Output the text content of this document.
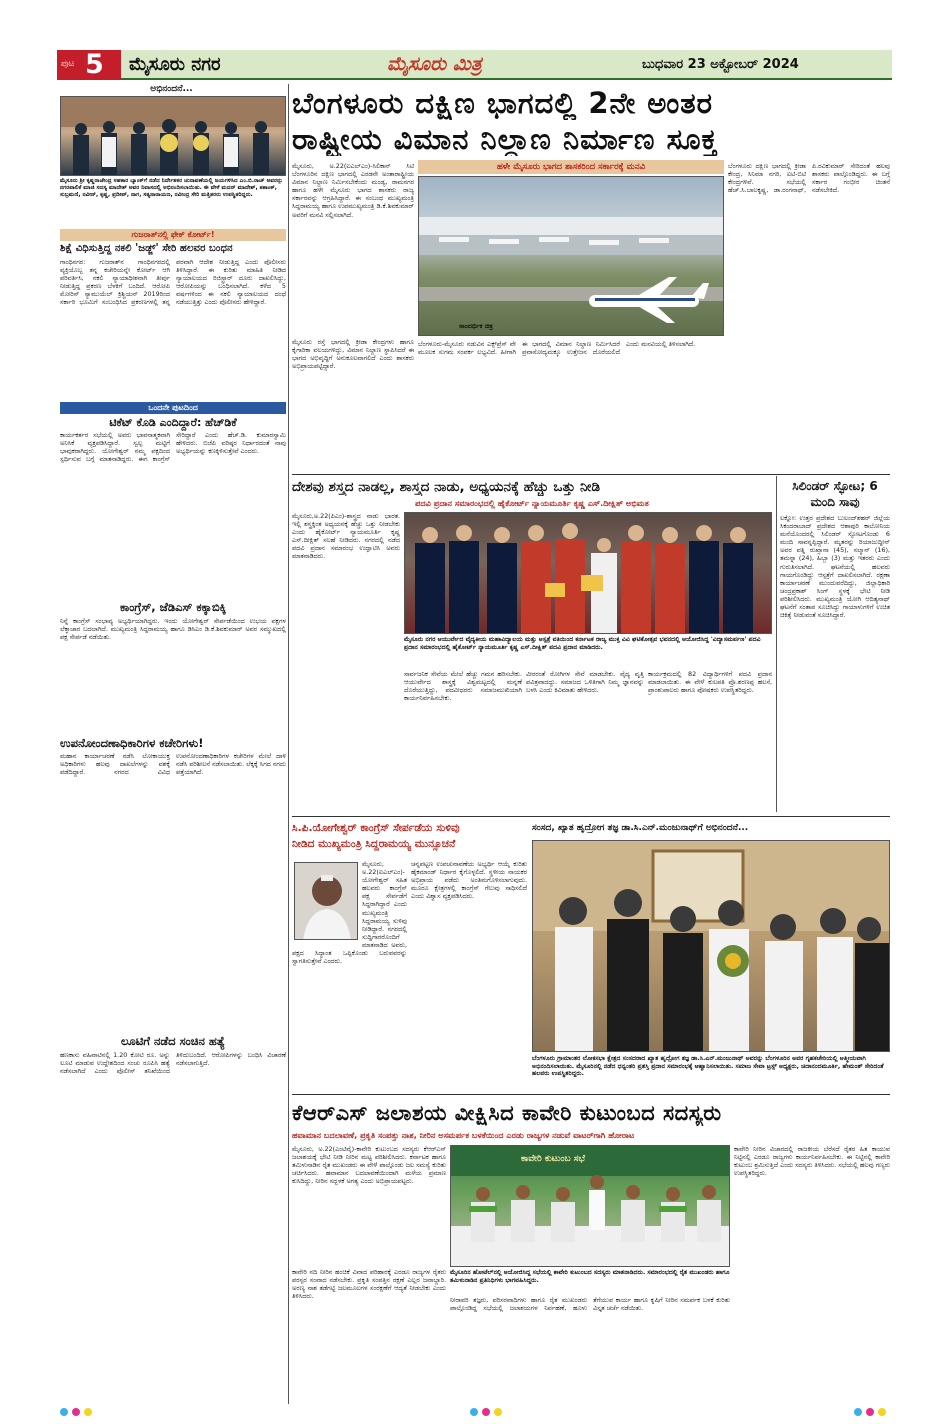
ಪುಟ 5 ಮೈಸೂರು ನಗರ	ಮೈಸೂರು ಮಿತ್ರ	ಬುಧವಾರ 23 ಅಕ್ಟೋಬರ್ 2024
ಅಭಿನಂದನೆ...
ಮೈಸೂರು ಶ್ರೀ ಕೃಷ್ಣರಾಜೇಂದ್ರ ಸಹಕಾರ ಬ್ಯಾಂಕ್‌ಗೆ ನಡೆದ ನಿರ್ದೇಶಕರ ಚುನಾವಣೆಯಲ್ಲಿ ಜಯಗಳಿಸಿದ ಎಂ.ಬಿ.ರಾಜ್ ಅವರನ್ನು ನಗರಪಾಲಿಕೆ ಮಾಜಿ ಸದಸ್ಯ ಮಾದೇಶ್ ಅವರ ನಿವಾಸದಲ್ಲಿ ಅಭಿನಂದಿಸಲಾಯಿತು. ಈ ವೇಳೆ ಮದನ್ ಮಾದೇಶ್, ಶಶಾಂಕ್, ಸುಬ್ರಮಣಿ, ನವೀನ್, ಕೃಷ್ಣ, ಪ್ರದೀಪ್, ನಾಗ, ಸತ್ಯನಾರಾಯಣ, ರವೀಂದ್ರ ಸೇರಿ ಮತ್ತಿತರರು ಉಪಸ್ಥಿತರಿದ್ದರು.
ಗುಜರಾತ್‌ನಲ್ಲಿ ಫೇಕ್ ಕೋರ್ಟ್!
ಶಿಕ್ಷೆ ವಿಧಿಸುತ್ತಿದ್ದ ನಕಲಿ 'ಜಡ್ಜ್' ಸೇರಿ ಹಲವರ ಬಂಧನ
ಗಾಂಧಿನಗರ: ಗುಜರಾತ್‌ನ ಗಾಂಧಿನಗರದಲ್ಲಿ ವ್ಯಕ್ತಿಯೊಬ್ಬ ತನ್ನ ಕಚೇರಿಯನ್ನೇ ಕೋರ್ಟ್ ಆಗಿ ಪರಿವರ್ತಿಸಿ, ನಕಲಿ ನ್ಯಾಯಾಧೀಶನಾಗಿ ತೀರ್ಪು ನೀಡುತ್ತಿದ್ದ ಪ್ರಕರಣ ಬೆಳಕಿಗೆ ಬಂದಿದೆ. ಆರೋಪಿ ಮೋರಿಸ್ ಸ್ಯಾಮುಯೆಲ್ ಕ್ರಿಶ್ಚಿಯನ್ 2019ರಿಂದ ಸರ್ಕಾರಿ ಭೂಮಿಗೆ ಸಂಬಂಧಿಸಿದ ಪ್ರಕರಣಗಳಲ್ಲಿ ತನ್ನ ಪರವಾಗಿ ಆದೇಶ ನೀಡುತ್ತಿದ್ದ ಎಂದು ಪೊಲೀಸರು ತಿಳಿಸಿದ್ದಾರೆ. ಈ ಕುರಿತು ಮಾಹಿತಿ ನೀಡಿದ ನ್ಯಾಯಾಲಯದ ರಿಜಿಸ್ಟ್ರಾರ್ ದೂರು ದಾಖಲಿಸಿದ್ದು, ಆರೋಪಿಯನ್ನು ಬಂಧಿಸಲಾಗಿದೆ. ಕಳೆದ 5 ವರ್ಷಗಳಿಂದ ಈ ನಕಲಿ ನ್ಯಾಯಾಲಯದ ದಂಧೆ ನಡೆಯುತ್ತಿತ್ತು ಎಂದು ಪೊಲೀಸರು ಹೇಳಿದ್ದಾರೆ.
ಒಂದನೇ ಪುಟದಿಂದ
ಟಿಕೆಟ್ ಕೊಡಿ ಎಂದಿದ್ದಾರೆ: ಹೆಚ್‌ಡಿಕೆ
ಕಾರ್ಯಕರ್ತರ ಸಭೆಯಲ್ಲಿ ಅವರು ಭಾವನಾತ್ಮಕವಾಗಿ ಅನಿಸಿಕೆ ವ್ಯಕ್ತಪಡಿಸಿದ್ದಾರೆ. ಸ್ವಲ್ಪ ಮಟ್ಟಿಗೆ ಭಾವುಕರಾಗಿದ್ದರು. ಯೋಗೇಶ್ವರ್ ನಮ್ಮ ಪಕ್ಷದಿಂದ ಸ್ಪರ್ಧಿಸುವ ಬಗ್ಗೆ ಮಾತನಾಡಿದ್ದರು. ಈಗ ಕಾಂಗ್ರೆಸ್ ಸೇರಿದ್ದಾರೆ ಎಂದು ಹೆಚ್.ಡಿ. ಕುಮಾರಸ್ವಾಮಿ ಹೇಳಿದರು. ಬಿಜೆಪಿ ವರಿಷ್ಠರ ನಿರ್ಧಾರದಂತೆ ನಾವು ಅಭ್ಯರ್ಥಿಯನ್ನು ಕಣಕ್ಕಿಳಿಸುತ್ತೇವೆ ಎಂದರು.
ಕಾಂಗ್ರೆಸ್, ಜೆಡಿಎಸ್ ಕಕ್ಕಾಬಿಕ್ಕಿ
ನಿನ್ನೆ ಕಾಂಗ್ರೆಸ್ ಸಂಭಾವ್ಯ ಅಭ್ಯರ್ಥಿಯಾಗಿದ್ದರು. ಇಂದು ಯೋಗೇಶ್ವರ್ ಸೇರ್ಪಡೆಯಿಂದ ಉಭಯ ಪಕ್ಷಗಳ ಲೆಕ್ಕಾಚಾರ ಬದಲಾಗಿದೆ. ಮುಖ್ಯಮಂತ್ರಿ ಸಿದ್ದರಾಮಯ್ಯ ಹಾಗೂ ಡಿಸಿಎಂ ಡಿ.ಕೆ.ಶಿವಕುಮಾರ್ ಅವರ ಸಮ್ಮುಖದಲ್ಲಿ ಪಕ್ಷ ಸೇರ್ಪಡೆ ನಡೆಯಿತು.
ಉಪನೋಂದಣಾಧಿಕಾರಿಗಳ ಕಚೇರಿಗಳು!
ಮಹಾನ ಕಾರ್ಯಾಚರಣೆ ನಡೆಸಿ ಲೋಕಾಯುಕ್ತ ಅಧಿಕಾರಿಗಳು ಹಲವು ದಾಖಲೆಗಳನ್ನು ವಶಕ್ಕೆ ಪಡೆದಿದ್ದಾರೆ. ನಗರದ ವಿವಿಧ ಉಪನೋಂದಣಾಧಿಕಾರಿಗಳ ಕಚೇರಿಗಳ ಮೇಲೆ ದಾಳಿ ನಡೆಸಿ ಪರಿಶೀಲನೆ ನಡೆಸಲಾಯಿತು. ಲೆಕ್ಕಕ್ಕೆ ಸಿಗದ ನಗದು ಪತ್ತೆಯಾಗಿದೆ.
ಲೂಟಿಗೆ ನಡೆದ ಸಂಚಿನ ಹತ್ಯೆ
ಹಣಕಾಸು ವಹಿವಾಟಿನಲ್ಲಿ 1.20 ಕೋಟಿ ರೂ. ಅನ್ನು ಲೂಟಿ ಮಾಡುವ ಉದ್ದೇಶದಿಂದ ಸಂಚು ರೂಪಿಸಿ ಹತ್ಯೆ ನಡೆಸಲಾಗಿದೆ ಎಂದು ಪೊಲೀಸ್ ತನಿಖೆಯಿಂದ ತಿಳಿದುಬಂದಿದೆ. ಆರೋಪಿಗಳನ್ನು ಬಂಧಿಸಿ ವಿಚಾರಣೆ ನಡೆಸಲಾಗುತ್ತಿದೆ.
ಬೆಂಗಳೂರು ದಕ್ಷಿಣ ಭಾಗದಲ್ಲಿ 2ನೇ ಅಂತರ
ರಾಷ್ಟ್ರೀಯ ವಿಮಾನ ನಿಲ್ದಾಣ ನಿರ್ಮಾಣ ಸೂಕ್ತ
ಮೈಸೂರು, ಅ.22(ಐಎಲ್‌ಎಂ)-ಸಿಲಿಕಾನ್ ಸಿಟಿ ಬೆಂಗಳೂರಿನ ದಕ್ಷಿಣ ಭಾಗದಲ್ಲಿ ಎರಡನೇ ಅಂತಾರಾಷ್ಟ್ರೀಯ ವಿಮಾನ ನಿಲ್ದಾಣ ನಿರ್ಮಿಸಬೇಕೆಂದು ಮಂಡ್ಯ, ರಾಮನಗರ ಹಾಗೂ ಹಳೇ ಮೈಸೂರು ಭಾಗದ ಶಾಸಕರು ರಾಜ್ಯ ಸರ್ಕಾರವನ್ನು ಆಗ್ರಹಿಸಿದ್ದಾರೆ. ಈ ಸಂಬಂಧ ಮುಖ್ಯಮಂತ್ರಿ ಸಿದ್ದರಾಮಯ್ಯ ಹಾಗೂ ಉಪಮುಖ್ಯಮಂತ್ರಿ ಡಿ.ಕೆ.ಶಿವಕುಮಾರ್ ಅವರಿಗೆ ಮನವಿ ಸಲ್ಲಿಸಲಾಗಿದೆ.
ಹಳೇ ಮೈಸೂರು ಭಾಗದ ಶಾಸಕರಿಂದ ಸರ್ಕಾರಕ್ಕೆ ಮನವಿ
ಸಾಂದರ್ಭಿಕ ಚಿತ್ರ
ಮೈಸೂರು ರಸ್ತೆ ಭಾಗದಲ್ಲಿ ಕ್ರೀಡಾ ಕೇಂದ್ರಗಳು ಹಾಗೂ ಕೈಗಾರಿಕಾ ವಲಯಗಳಿದ್ದು, ವಿಮಾನ ನಿಲ್ದಾಣ ಸ್ಥಾಪಿಸಿದರೆ ಈ ಭಾಗದ ಅಭಿವೃದ್ಧಿಗೆ ಅನುಕೂಲವಾಗಲಿದೆ ಎಂದು ಶಾಸಕರು ಅಭಿಪ್ರಾಯಪಟ್ಟಿದ್ದಾರೆ.
ಬೆಂಗಳೂರು-ಮೈಸೂರು ನಡುವಿನ ಎಕ್ಸ್‌ಪ್ರೆಸ್ ವೇ ಮೂಲಕ ಸುಗಮ ಸಂಪರ್ಕ ಲಭ್ಯವಿದೆ. ಹೀಗಾಗಿ ಈ ಭಾಗದಲ್ಲಿ ವಿಮಾನ ನಿಲ್ದಾಣ ನಿರ್ಮಿಸಿದರೆ ಪ್ರವಾಸೋದ್ಯಮಕ್ಕೂ ಉತ್ತೇಜನ ದೊರೆಯಲಿದೆ ಎಂದು ಮನವಿಯಲ್ಲಿ ತಿಳಿಸಲಾಗಿದೆ.
ಬೆಂಗಳೂರು ದಕ್ಷಿಣ ಭಾಗದಲ್ಲಿ ಕ್ರೀಡಾ ಕೇಂದ್ರ, ಸಿನಿಮಾ ನಗರಿ, ಐಟಿ-ಬಿಟಿ ಕೇಂದ್ರಗಳಿವೆ. ಸಭೆಯಲ್ಲಿ ಹೆಚ್.ಸಿ.ಬಾಲಕೃಷ್ಣ, ಡಾ.ರಂಗನಾಥ್, ಪಿ.ರವಿಕುಮಾರ್ ಸೇರಿದಂತೆ ಹಲವು ಶಾಸಕರು ಪಾಲ್ಗೊಂಡಿದ್ದರು. ಈ ಬಗ್ಗೆ ಸರ್ಕಾರ ಗಂಭೀರ ಚಿಂತನೆ ನಡೆಸಬೇಕಿದೆ.
ದೇಶವು ಶಸ್ತ್ರದ ನಾಡಲ್ಲ, ಶಾಸ್ತ್ರದ ನಾಡು, ಅಧ್ಯಯನಕ್ಕೆ ಹೆಚ್ಚು ಒತ್ತು ನೀಡಿ
ಪದವಿ ಪ್ರದಾನ ಸಮಾರಂಭದಲ್ಲಿ ಹೈಕೋರ್ಟ್ ನ್ಯಾಯಮೂರ್ತಿ ಕೃಷ್ಣ ಎಸ್.ದೀಕ್ಷಿತ್ ಅಭಿಮತ
ಮೈಸೂರು,ಅ.22(ಪಿಎಂ)-ಶಾಸ್ತ್ರದ ನಾಡು ಭಾರತ. ಇಲ್ಲಿ ಶಸ್ತ್ರಕ್ಕಿಂತ ಅಧ್ಯಯನಕ್ಕೆ ಹೆಚ್ಚು ಒತ್ತು ನೀಡಬೇಕು ಎಂದು ಹೈಕೋರ್ಟ್ ನ್ಯಾಯಮೂರ್ತಿ ಕೃಷ್ಣ ಎಸ್.ದೀಕ್ಷಿತ್ ಸಲಹೆ ನೀಡಿದರು. ನಗರದಲ್ಲಿ ನಡೆದ ಪದವಿ ಪ್ರದಾನ ಸಮಾರಂಭ ಉದ್ಘಾಟಿಸಿ ಅವರು ಮಾತನಾಡಿದರು.
ಮೈಸೂರು ನಗರ ಆಯುರ್ವೇದ ವೈದ್ಯಕೀಯ ಮಹಾವಿದ್ಯಾಲಯ ಮತ್ತು ಆಸ್ಪತ್ರೆ ವತಿಯಿಂದ ಕರ್ನಾಟಕ ರಾಜ್ಯ ಮುಕ್ತ ವಿವಿ ಘಟಿಕೋತ್ಸವ ಭವನದಲ್ಲಿ ಆಯೋಜಿಸಿದ್ದ 'ವಿದ್ಯಾಸಮರ್ಪಣ' ಪದವಿ ಪ್ರದಾನ ಸಮಾರಂಭದಲ್ಲಿ ಹೈಕೋರ್ಟ್ ನ್ಯಾಯಮೂರ್ತಿ ಕೃಷ್ಣ ಎಸ್.ದೀಕ್ಷಿತ್ ಪದವಿ ಪ್ರದಾನ ಮಾಡಿದರು.
ಸಾರ್ವಜನಿಕ ಸೇವೆಯ ಮೇಲೆ ಹೆಚ್ಚು ಗಮನ ಹರಿಸಬೇಕು. ಆಯುರ್ವೇದ ಶಾಸ್ತ್ರಕ್ಕೆ ವಿಶ್ವಮಟ್ಟದಲ್ಲಿ ಮನ್ನಣೆ ದೊರೆಯುತ್ತಿದ್ದು, ಪದವೀಧರರು ಸಮಾಜಮುಖಿಯಾಗಿ ಕಾರ್ಯನಿರ್ವಹಿಸಬೇಕು.
ವೀರರಂತೆ ರೋಗಿಗಳ ಸೇವೆ ಮಾಡಬೇಕು. ವೈದ್ಯ ವೃತ್ತಿ ಪವಿತ್ರವಾದದ್ದು. ಸಮಾಜದ ಒಳಿತಿಗಾಗಿ ನಿಮ್ಮ ಜ್ಞಾನವನ್ನು ಬಳಸಿ ಎಂದು ಕಿವಿಮಾತು ಹೇಳಿದರು.
ಕಾರ್ಯಕ್ರಮದಲ್ಲಿ 82 ವಿದ್ಯಾರ್ಥಿಗಳಿಗೆ ಪದವಿ ಪ್ರದಾನ ಮಾಡಲಾಯಿತು. ಈ ವೇಳೆ ಕುಲಪತಿ ಪ್ರೊ.ಶರಣಪ್ಪ ಹಲಸೆ, ಪ್ರಾಂಶುಪಾಲರು ಹಾಗೂ ಪೋಷಕರು ಉಪಸ್ಥಿತರಿದ್ದರು.
ಸಿಲಿಂಡರ್ ಸ್ಫೋಟ; 6 ಮಂದಿ ಸಾವು
ಲಕ್ನೋ: ಉತ್ತರ ಪ್ರದೇಶದ ಬುಲಂದ್‌ಶಹರ್ ಜಿಲ್ಲೆಯ ಸಿಕಂದರಾಬಾದ್ ಪ್ರದೇಶದ ಆಶಾಪುರಿ ಕಾಲೋನಿಯ ಮನೆಯೊಂದರಲ್ಲಿ ಸಿಲಿಂಡರ್ ಸ್ಫೋಟಗೊಂಡು 6 ಮಂದಿ ಸಾವನ್ನಪ್ಪಿದ್ದಾರೆ. ಮೃತರನ್ನು ರಿಯಾಜುದ್ದೀನ್ ಅವರ ಪತ್ನಿ ರುಖ್ಸಾನಾ (45), ಸಲ್ಮಾನ್ (16), ತಮನ್ನಾ (24), ಹಿಬ್ಬಾ (3) ಮತ್ತು ಇತರರು ಎಂದು ಗುರುತಿಸಲಾಗಿದೆ. ಘಟನೆಯಲ್ಲಿ ಹಲವರು ಗಾಯಗೊಂಡಿದ್ದು ಆಸ್ಪತ್ರೆಗೆ ದಾಖಲಿಸಲಾಗಿದೆ. ರಕ್ಷಣಾ ಕಾರ್ಯಾಚರಣೆ ಮುಂದುವರೆದಿದ್ದು, ಜಿಲ್ಲಾಧಿಕಾರಿ ಚಂದ್ರಪ್ರಕಾಶ್ ಸಿಂಗ್ ಸ್ಥಳಕ್ಕೆ ಭೇಟಿ ನೀಡಿ ಪರಿಶೀಲಿಸಿದರು. ಮುಖ್ಯಮಂತ್ರಿ ಯೋಗಿ ಆದಿತ್ಯನಾಥ್ ಘಟನೆಗೆ ಸಂತಾಪ ಸೂಚಿಸಿದ್ದು ಗಾಯಾಳುಗಳಿಗೆ ಉಚಿತ ಚಿಕಿತ್ಸೆ ನೀಡುವಂತೆ ಸೂಚಿಸಿದ್ದಾರೆ.
ಸಿ.ಪಿ.ಯೋಗೇಶ್ವರ್ ಕಾಂಗ್ರೆಸ್ ಸೇರ್ಪಡೆಯ ಸುಳಿವು
ನೀಡಿದ ಮುಖ್ಯಮಂತ್ರಿ ಸಿದ್ದರಾಮಯ್ಯ ಮುನ್ಸೂಚನೆ
ಮೈಸೂರು, ಅ.22(ಐಎಲ್‌ಎಂ)-ಯೋಗೇಶ್ವರ್ ಸಹಿತ ಹಲವರು ಕಾಂಗ್ರೆಸ್ ಪಕ್ಷ ಸೇರ್ಪಡೆಗೆ ಸಿದ್ಧರಾಗಿದ್ದಾರೆ ಎಂದು ಮುಖ್ಯಮಂತ್ರಿ ಸಿದ್ದರಾಮಯ್ಯ ಸುಳಿವು ನೀಡಿದ್ದಾರೆ. ನಗರದಲ್ಲಿ ಸುದ್ದಿಗಾರರೊಂದಿಗೆ ಮಾತನಾಡಿದ ಅವರು, ಪಕ್ಷದ ಸಿದ್ಧಾಂತ ಒಪ್ಪಿಕೊಂಡು ಬರುವವರನ್ನು ಸ್ವಾಗತಿಸುತ್ತೇವೆ ಎಂದರು.
ಚನ್ನಪಟ್ಟಣ ಉಪಚುನಾವಣೆಯ ಅಭ್ಯರ್ಥಿ ಆಯ್ಕೆ ಕುರಿತು ಹೈಕಮಾಂಡ್ ನಿರ್ಧಾರ ಕೈಗೊಳ್ಳಲಿದೆ. ಸ್ಥಳೀಯ ನಾಯಕರ ಅಭಿಪ್ರಾಯ ಪಡೆದು ಅಂತಿಮಗೊಳಿಸಲಾಗುವುದು. ಮೂರೂ ಕ್ಷೇತ್ರಗಳಲ್ಲಿ ಕಾಂಗ್ರೆಸ್ ಗೆಲುವು ಸಾಧಿಸಲಿದೆ ಎಂದು ವಿಶ್ವಾಸ ವ್ಯಕ್ತಪಡಿಸಿದರು.
ಸಂಸದ, ಖ್ಯಾತ ಹೃದ್ರೋಗ ತಜ್ಞ ಡಾ.ಸಿ.ಎನ್.ಮಂಜುನಾಥ್‌ಗೆ ಅಭಿನಂದನೆ...
ಬೆಂಗಳೂರು ಗ್ರಾಮಾಂತರ ಲೋಕಸಭಾ ಕ್ಷೇತ್ರದ ಸಂಸದರಾದ ಖ್ಯಾತ ಹೃದ್ರೋಗ ತಜ್ಞ ಡಾ.ಸಿ.ಎನ್.ಮಂಜುನಾಥ್ ಅವರನ್ನು ಬೆಂಗಳೂರಿನ ಅವರ ಗೃಹಕಚೇರಿಯಲ್ಲಿ ಆತ್ಮೀಯವಾಗಿ ಅಭಿನಂದಿಸಲಾಯಿತು. ಮೈಸೂರಿನಲ್ಲಿ ನಡೆದ ಧನ್ವಂತರಿ ಪ್ರಶಸ್ತಿ ಪ್ರದಾನ ಸಮಾರಂಭಕ್ಕೆ ಆಹ್ವಾನಿಸಲಾಯಿತು. ಸಮಾಜ ಸೇವಾ ಟ್ರಸ್ಟ್ ಅಧ್ಯಕ್ಷರು, ಚಿದಾನಂದಮೂರ್ತಿ, ಹೇಮಂತ್ ಸೇರಿದಂತೆ ಹಲವರು ಉಪಸ್ಥಿತರಿದ್ದರು.
ಕೆಆರ್‌ಎಸ್ ಜಲಾಶಯ ವೀಕ್ಷಿಸಿದ ಕಾವೇರಿ ಕುಟುಂಬದ ಸದಸ್ಯರು
ಹವಾಮಾನ ಬದಲಾವಣೆ, ಪ್ರಕೃತಿ ಸಂಪತ್ತು ನಾಶ, ನೀರಿನ ಅಸಮರ್ಪಕ ಬಳಕೆಯಿಂದ ಎರಡು ರಾಜ್ಯಗಳ ನಡುವೆ ವಾಟರ್‌ಗಾಗಿ ಹೋರಾಟ
ಮೈಸೂರು, ಅ.22(ಎಂಟಿವೈ)-ಕಾವೇರಿ ಕುಟುಂಬದ ಸದಸ್ಯರು ಕೆಆರ್‌ಎಸ್ ಜಲಾಶಯಕ್ಕೆ ಭೇಟಿ ನೀಡಿ ನೀರಿನ ಮಟ್ಟ ಪರಿಶೀಲಿಸಿದರು. ಕರ್ನಾಟಕ ಹಾಗೂ ತಮಿಳುನಾಡಿನ ರೈತ ಮುಖಂಡರು ಈ ವೇಳೆ ಪಾಲ್ಗೊಂಡು ಜಲ ಸಮಸ್ಯೆ ಕುರಿತು ಚರ್ಚಿಸಿದರು. ಹವಾಮಾನ ಬದಲಾವಣೆಯಿಂದಾಗಿ ಮಳೆಯ ಪ್ರಮಾಣ ಕುಸಿದಿದ್ದು, ನೀರಿನ ಸದ್ಬಳಕೆ ಅಗತ್ಯ ಎಂದು ಅಭಿಪ್ರಾಯಪಟ್ಟರು.
ಕಾವೇರಿ ಕುಟುಂಬ ಸಭೆ
ಮೈಸೂರಿನ ಹೋಟೆಲ್‌ನಲ್ಲಿ ಆಯೋಜಿಸಿದ್ದ ಸಭೆಯಲ್ಲಿ ಕಾವೇರಿ ಕುಟುಂಬದ ಸದಸ್ಯರು ಮಾತನಾಡಿದರು. ಸಮಾರಂಭದಲ್ಲಿ ರೈತ ಮುಖಂಡರು ಹಾಗೂ ತಮಿಳುನಾಡಿನ ಪ್ರತಿನಿಧಿಗಳು ಭಾಗವಹಿಸಿದ್ದರು.
ಕಾವೇರಿ ನೀರಿನ ವಿಚಾರದಲ್ಲಿ ರಾಜಕೀಯ ಬೆರೆಸದೆ ರೈತರ ಹಿತ ಕಾಯುವ ನಿಟ್ಟಿನಲ್ಲಿ ಎರಡೂ ರಾಜ್ಯಗಳು ಕಾರ್ಯನಿರ್ವಹಿಸಬೇಕು. ಈ ನಿಟ್ಟಿನಲ್ಲಿ ಕಾವೇರಿ ಕುಟುಂಬ ಶ್ರಮಿಸುತ್ತಿದೆ ಎಂದು ಸದಸ್ಯರು ತಿಳಿಸಿದರು. ಸಭೆಯಲ್ಲಿ ಹಲವು ಗಣ್ಯರು ಉಪಸ್ಥಿತರಿದ್ದರು.
ಕಾವೇರಿ ನದಿ ನೀರಿನ ಹಂಚಿಕೆ ವಿವಾದ ಪರಿಹಾರಕ್ಕೆ ಎರಡೂ ರಾಜ್ಯಗಳ ರೈತರು ಪರಸ್ಪರ ಸಂವಾದ ನಡೆಸಬೇಕು. ಪ್ರಕೃತಿ ಸಂಪತ್ತಿನ ರಕ್ಷಣೆ ಎಲ್ಲರ ಜವಾಬ್ದಾರಿ. ಅರಣ್ಯ ನಾಶ ತಡೆಗಟ್ಟಿ ಜಲಮೂಲಗಳ ಸಂರಕ್ಷಣೆಗೆ ಆದ್ಯತೆ ನೀಡಬೇಕು ಎಂದು ತಿಳಿಸಿದರು.	ನೀರಾವರಿ ತಜ್ಞರು, ಪರಿಸರವಾದಿಗಳು ಹಾಗೂ ರೈತ ಮುಖಂಡರು ಪಾಲ್ಗೊಂಡಿದ್ದ ಸಭೆಯಲ್ಲಿ ಜಲಾಶಯಗಳ ನಿರ್ವಹಣೆ, ಹೂಳು ತೆಗೆಯುವ ಕಾರ್ಯ ಹಾಗೂ ಕೃಷಿಗೆ ನೀರಿನ ಸಮರ್ಪಕ ಬಳಕೆ ಕುರಿತು ವಿಸ್ತೃತ ಚರ್ಚೆ ನಡೆಯಿತು.
